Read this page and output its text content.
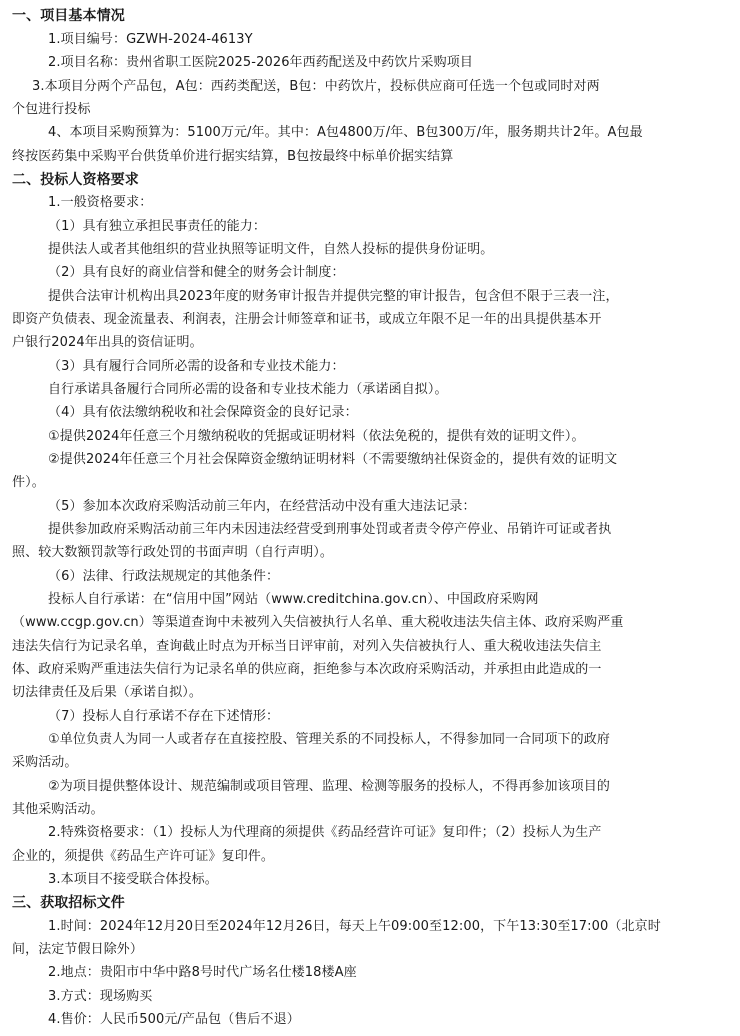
一、项目基本情况
1.项目编号：GZWH-2024-4613Y
2.项目名称：贵州省职工医院2025-2026年西药配送及中药饮片采购项目
3.本项目分两个产品包，A包：西药类配送，B包：中药饮片，投标供应商可任选一个包或同时对两
个包进行投标
4、本项目采购预算为：5100万元/年。其中：A包4800万/年、B包300万/年，服务期共计2年。A包最
终按医药集中采购平台供货单价进行据实结算，B包按最终中标单价据实结算
二、投标人资格要求
1.一般资格要求：
（1）具有独立承担民事责任的能力：
提供法人或者其他组织的营业执照等证明文件，自然人投标的提供身份证明。
（2）具有良好的商业信誉和健全的财务会计制度：
提供合法审计机构出具2023年度的财务审计报告并提供完整的审计报告，包含但不限于三表一注，
即资产负债表、现金流量表、利润表，注册会计师签章和证书，或成立年限不足一年的出具提供基本开
户银行2024年出具的资信证明。
（3）具有履行合同所必需的设备和专业技术能力：
自行承诺具备履行合同所必需的设备和专业技术能力（承诺函自拟）。
（4）具有依法缴纳税收和社会保障资金的良好记录：
①提供2024年任意三个月缴纳税收的凭据或证明材料（依法免税的，提供有效的证明文件）。
②提供2024年任意三个月社会保障资金缴纳证明材料（不需要缴纳社保资金的，提供有效的证明文
件）。
（5）参加本次政府采购活动前三年内，在经营活动中没有重大违法记录：
提供参加政府采购活动前三年内未因违法经营受到刑事处罚或者责令停产停业、吊销许可证或者执
照、较大数额罚款等行政处罚的书面声明（自行声明）。
（6）法律、行政法规规定的其他条件：
投标人自行承诺：在“信用中国”网站（www.creditchina.gov.cn）、中国政府采购网
（www.ccgp.gov.cn）等渠道查询中未被列入失信被执行人名单、重大税收违法失信主体、政府采购严重
违法失信行为记录名单，查询截止时点为开标当日评审前，对列入失信被执行人、重大税收违法失信主
体、政府采购严重违法失信行为记录名单的供应商，拒绝参与本次政府采购活动，并承担由此造成的一
切法律责任及后果（承诺自拟）。
（7）投标人自行承诺不存在下述情形：
①单位负责人为同一人或者存在直接控股、管理关系的不同投标人，不得参加同一合同项下的政府
采购活动。
②为项目提供整体设计、规范编制或项目管理、监理、检测等服务的投标人，不得再参加该项目的
其他采购活动。
2.特殊资格要求：（1）投标人为代理商的须提供《药品经营许可证》复印件；（2）投标人为生产
企业的，须提供《药品生产许可证》复印件。
3.本项目不接受联合体投标。
三、获取招标文件
1.时间：2024年12月20日至2024年12月26日，每天上午09:00至12:00，下午13:30至17:00（北京时
间，法定节假日除外）
2.地点：贵阳市中华中路8号时代广场名仕楼18楼A座
3.方式：现场购买
4.售价：人民币500元/产品包（售后不退）
